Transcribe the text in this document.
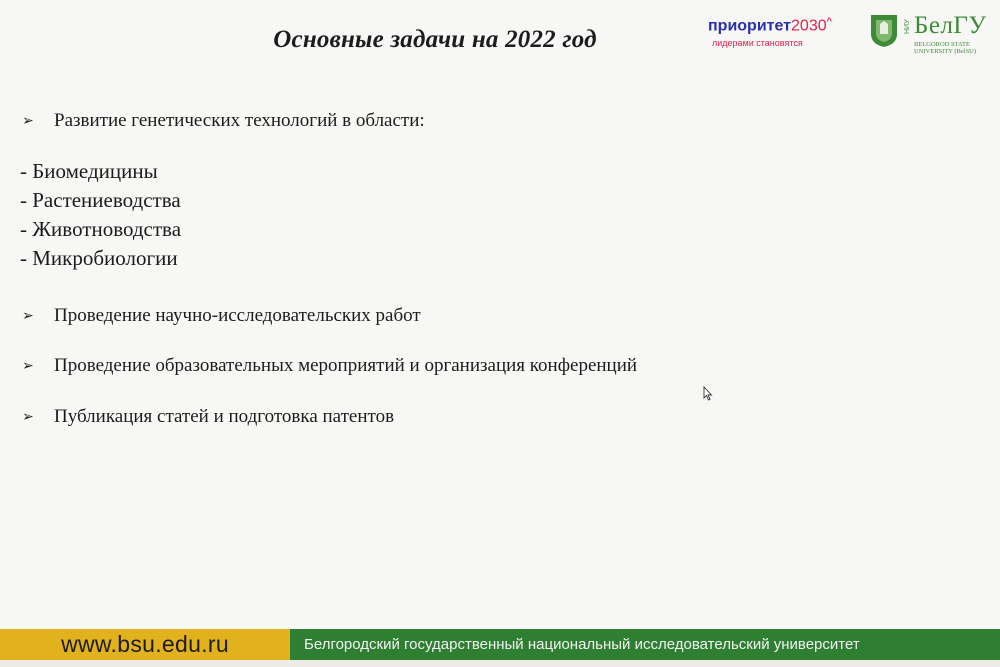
Основные задачи на 2022 год
приоритет2030^
лидерами становятся
НИУ БелГУ
BELGOROD STATE
UNIVERSITY (BelSU)
➢	Развитие генетических технологий в области:
- Биомедицины
- Растениеводства
- Животноводства
- Микробиологии
➢	Проведение научно-исследовательских работ
➢	Проведение образовательных мероприятий и организация конференций
➢	Публикация статей и подготовка патентов
www.bsu.edu.ru	Белгородский государственный национальный исследовательский университет
